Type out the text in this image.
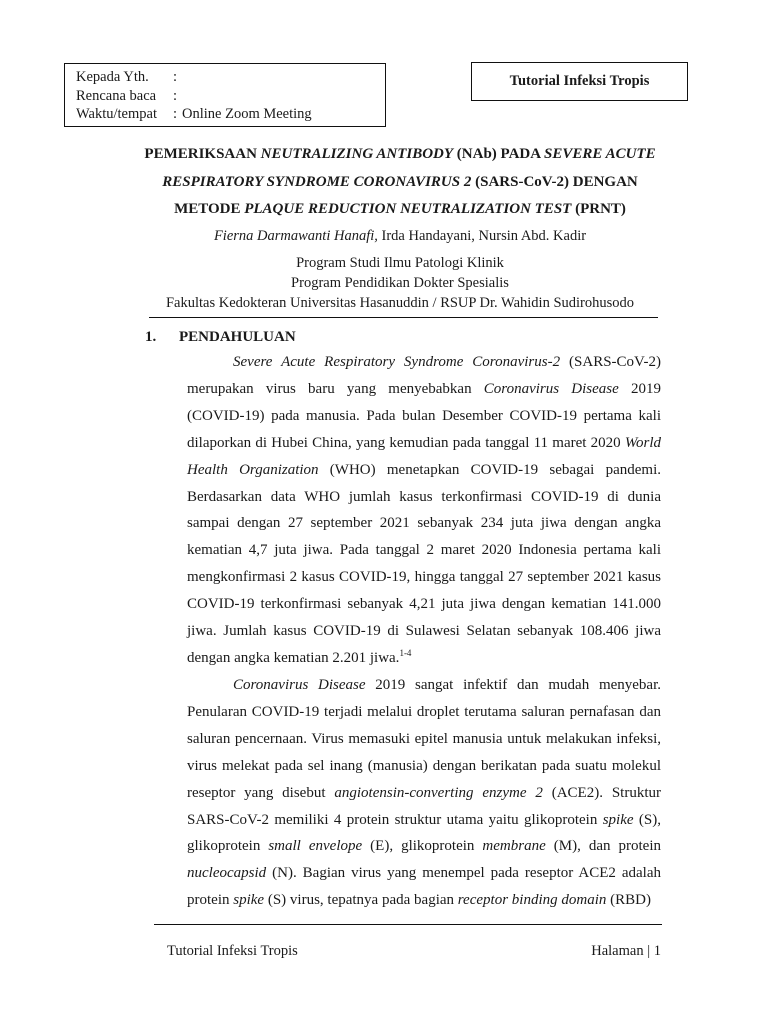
Kepada Yth.	:
Rencana baca	:
Waktu/tempat	: Online Zoom Meeting
Tutorial Infeksi Tropis
PEMERIKSAAN NEUTRALIZING ANTIBODY (NAb) PADA SEVERE ACUTE
RESPIRATORY SYNDROME CORONAVIRUS 2 (SARS-CoV-2) DENGAN
METODE PLAQUE REDUCTION NEUTRALIZATION TEST (PRNT)
Fierna Darmawanti Hanafi, Irda Handayani, Nursin Abd. Kadir
Program Studi Ilmu Patologi Klinik
Program Pendidikan Dokter Spesialis
Fakultas Kedokteran Universitas Hasanuddin / RSUP Dr. Wahidin Sudirohusodo
1.	PENDAHULUAN

Severe Acute Respiratory Syndrome Coronavirus-2 (SARS-CoV-2) merupakan virus baru yang menyebabkan Coronavirus Disease 2019 (COVID-19) pada manusia. Pada bulan Desember COVID-19 pertama kali dilaporkan di Hubei China, yang kemudian pada tanggal 11 maret 2020 World Health Organization (WHO) menetapkan COVID-19 sebagai pandemi. Berdasarkan data WHO jumlah kasus terkonfirmasi COVID-19 di dunia sampai dengan 27 september 2021 sebanyak 234 juta jiwa dengan angka kematian 4,7 juta jiwa. Pada tanggal 2 maret 2020 Indonesia pertama kali mengkonfirmasi 2 kasus COVID-19, hingga tanggal 27 september 2021 kasus COVID-19 terkonfirmasi sebanyak 4,21 juta jiwa dengan kematian 141.000 jiwa. Jumlah kasus COVID-19 di Sulawesi Selatan sebanyak 108.406 jiwa dengan angka kematian 2.201 jiwa.$^{1-4}$

Coronavirus Disease 2019 sangat infektif dan mudah menyebar. Penularan COVID-19 terjadi melalui droplet terutama saluran pernafasan dan saluran pencernaan. Virus memasuki epitel manusia untuk melakukan infeksi, virus melekat pada sel inang (manusia) dengan berikatan pada suatu molekul reseptor yang disebut angiotensin-converting enzyme 2 (ACE2). Struktur SARS-CoV-2 memiliki 4 protein struktur utama yaitu glikoprotein spike (S), glikoprotein small envelope (E), glikoprotein membrane (M), dan protein nucleocapsid (N). Bagian virus yang menempel pada reseptor ACE2 adalah protein spike (S) virus, tepatnya pada bagian receptor binding domain (RBD)

Tutorial Infeksi Tropis	Halaman | 1
